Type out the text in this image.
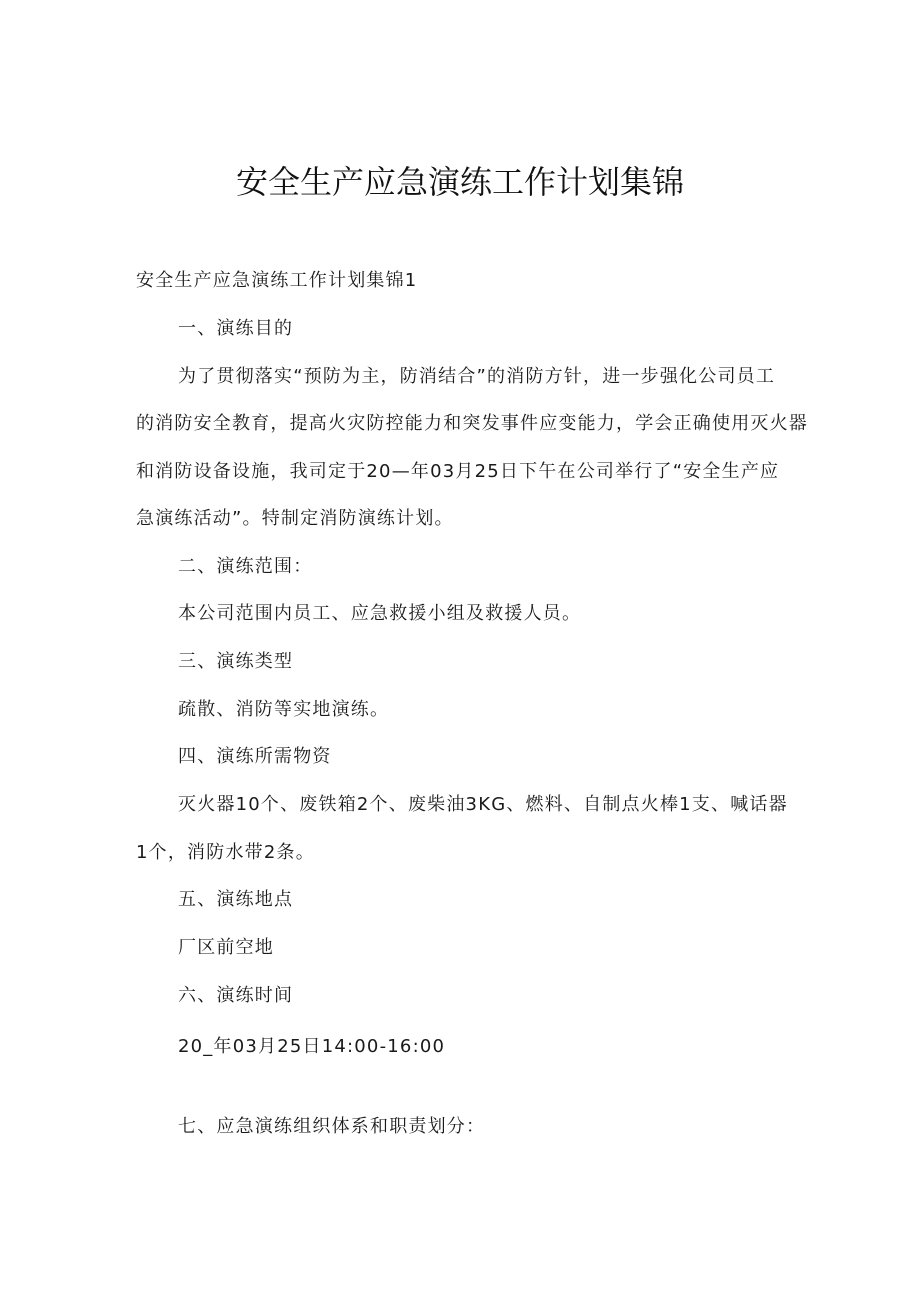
安全生产应急演练工作计划集锦
安全生产应急演练工作计划集锦1
一、演练目的
为了贯彻落实“预防为主，防消结合”的消防方针，进一步强化公司员工
的消防安全教育，提高火灾防控能力和突发事件应变能力，学会正确使用灭火器
和消防设备设施，我司定于20—年03月25日下午在公司举行了“安全生产应
急演练活动”。特制定消防演练计划。
二、演练范围：
本公司范围内员工、应急救援小组及救援人员。
三、演练类型
疏散、消防等实地演练。
四、演练所需物资
灭火器10个、废铁箱2个、废柴油3KG、燃料、自制点火棒1支、喊话器
1个，消防水带2条。
五、演练地点
厂区前空地
六、演练时间
20_年03月25日14:00-16:00
七、应急演练组织体系和职责划分：
